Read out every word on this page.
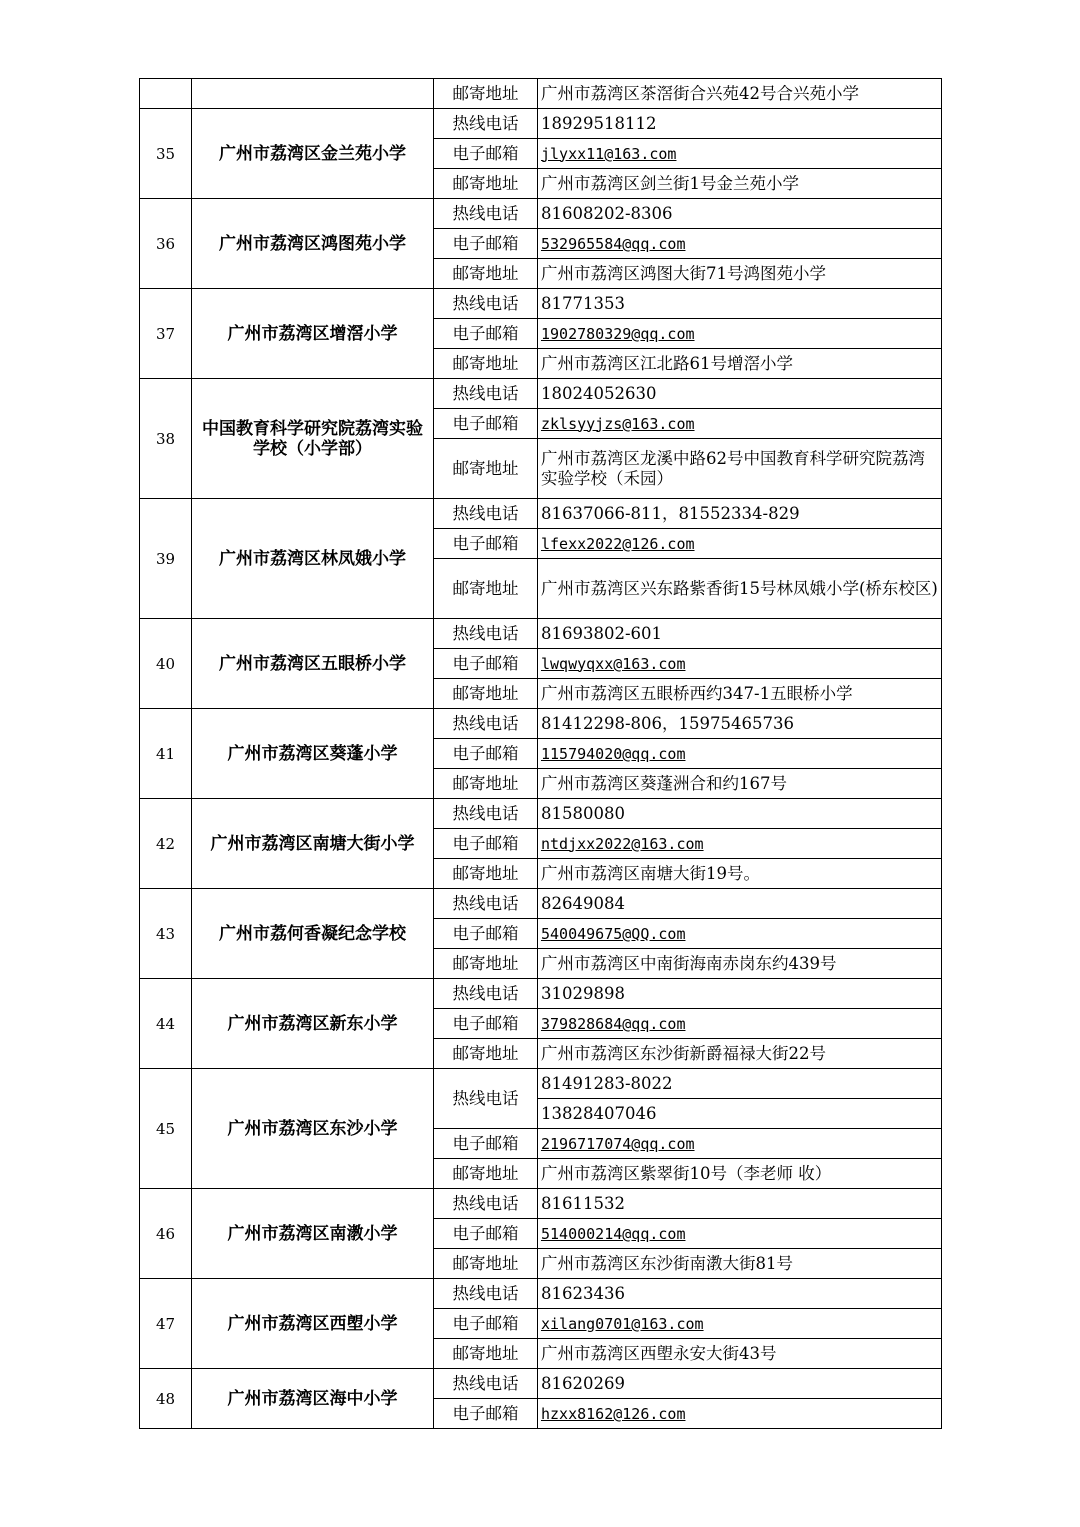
		邮寄地址	广州市荔湾区茶滘街合兴苑42号合兴苑小学
35	广州市荔湾区金兰苑小学	热线电话	18929518112
		电子邮箱	jlyxx11@163.com
		邮寄地址	广州市荔湾区剑兰街1号金兰苑小学
36	广州市荔湾区鸿图苑小学	热线电话	81608202-8306
		电子邮箱	532965584@qq.com
		邮寄地址	广州市荔湾区鸿图大街71号鸿图苑小学
37	广州市荔湾区增滘小学	热线电话	81771353
		电子邮箱	1902780329@qq.com
		邮寄地址	广州市荔湾区江北路61号增滘小学
38	中国教育科学研究院荔湾实验学校（小学部）	热线电话	18024052630
		电子邮箱	zklsyyjzs@163.com
		邮寄地址	广州市荔湾区龙溪中路62号中国教育科学研究院荔湾实验学校（禾园）
39	广州市荔湾区林凤娥小学	热线电话	81637066-811，81552334-829
		电子邮箱	lfexx2022@126.com
		邮寄地址	广州市荔湾区兴东路紫香街15号林凤娥小学(桥东校区)
40	广州市荔湾区五眼桥小学	热线电话	81693802-601
		电子邮箱	lwqwyqxx@163.com
		邮寄地址	广州市荔湾区五眼桥西约347-1五眼桥小学
41	广州市荔湾区葵蓬小学	热线电话	81412298-806，15975465736
		电子邮箱	115794020@qq.com
		邮寄地址	广州市荔湾区葵蓬洲合和约167号
42	广州市荔湾区南塘大街小学	热线电话	81580080
		电子邮箱	ntdjxx2022@163.com
		邮寄地址	广州市荔湾区南塘大街19号。
43	广州市荔何香凝纪念学校	热线电话	82649084
		电子邮箱	540049675@QQ.com
		邮寄地址	广州市荔湾区中南街海南赤岗东约439号
44	广州市荔湾区新东小学	热线电话	31029898
		电子邮箱	379828684@qq.com
		邮寄地址	广州市荔湾区东沙街新爵福禄大街22号
45	广州市荔湾区东沙小学	热线电话	81491283-8022
			13828407046
		电子邮箱	2196717074@qq.com
		邮寄地址	广州市荔湾区紫翠街10号（李老师 收）
46	广州市荔湾区南漖小学	热线电话	81611532
		电子邮箱	514000214@qq.com
		邮寄地址	广州市荔湾区东沙街南漖大街81号
47	广州市荔湾区西塱小学	热线电话	81623436
		电子邮箱	xilang0701@163.com
		邮寄地址	广州市荔湾区西塱永安大街43号
48	广州市荔湾区海中小学	热线电话	81620269
		电子邮箱	hzxx8162@126.com
